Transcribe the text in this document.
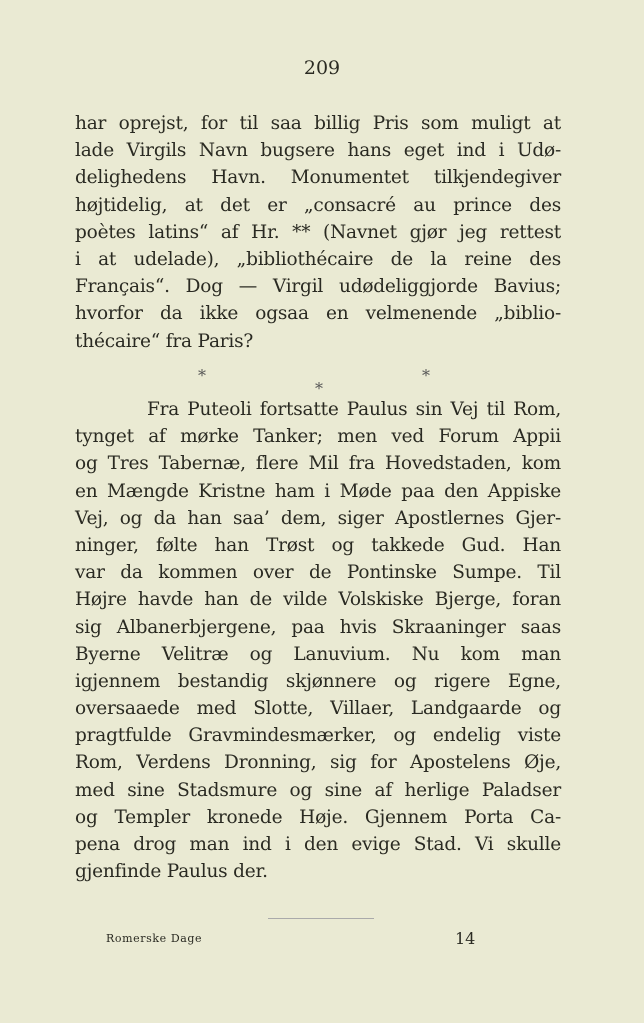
209
har oprejst, for til saa billig Pris som muligt at
lade Virgils Navn bugsere hans eget ind i Udø-
delighedens Havn. Monumentet tilkjendegiver
højtidelig, at det er „consacré au prince des
poètes latins“ af Hr. ** (Navnet gjør jeg rettest
i at udelade), „bibliothécaire de la reine des
Français“. Dog — Virgil udødeliggjorde Bavius;
hvorfor da ikke ogsaa en velmenende „biblio-
thécaire“ fra Paris?
*	*
*
Fra Puteoli fortsatte Paulus sin Vej til Rom,
tynget af mørke Tanker; men ved Forum Appii
og Tres Tabernæ, flere Mil fra Hovedstaden, kom
en Mængde Kristne ham i Møde paa den Appiske
Vej, og da han saa’ dem, siger Apostlernes Gjer-
ninger, følte han Trøst og takkede Gud. Han
var da kommen over de Pontinske Sumpe. Til
Højre havde han de vilde Volskiske Bjerge, foran
sig Albanerbjergene, paa hvis Skraaninger saas
Byerne Velitræ og Lanuvium. Nu kom man
igjennem bestandig skjønnere og rigere Egne,
oversaaede med Slotte, Villaer, Landgaarde og
pragtfulde Gravmindesmærker, og endelig viste
Rom, Verdens Dronning, sig for Apostelens Øje,
med sine Stadsmure og sine af herlige Paladser
og Templer kronede Høje. Gjennem Porta Ca-
pena drog man ind i den evige Stad. Vi skulle
gjenfinde Paulus der.
Romerske Dage	14
